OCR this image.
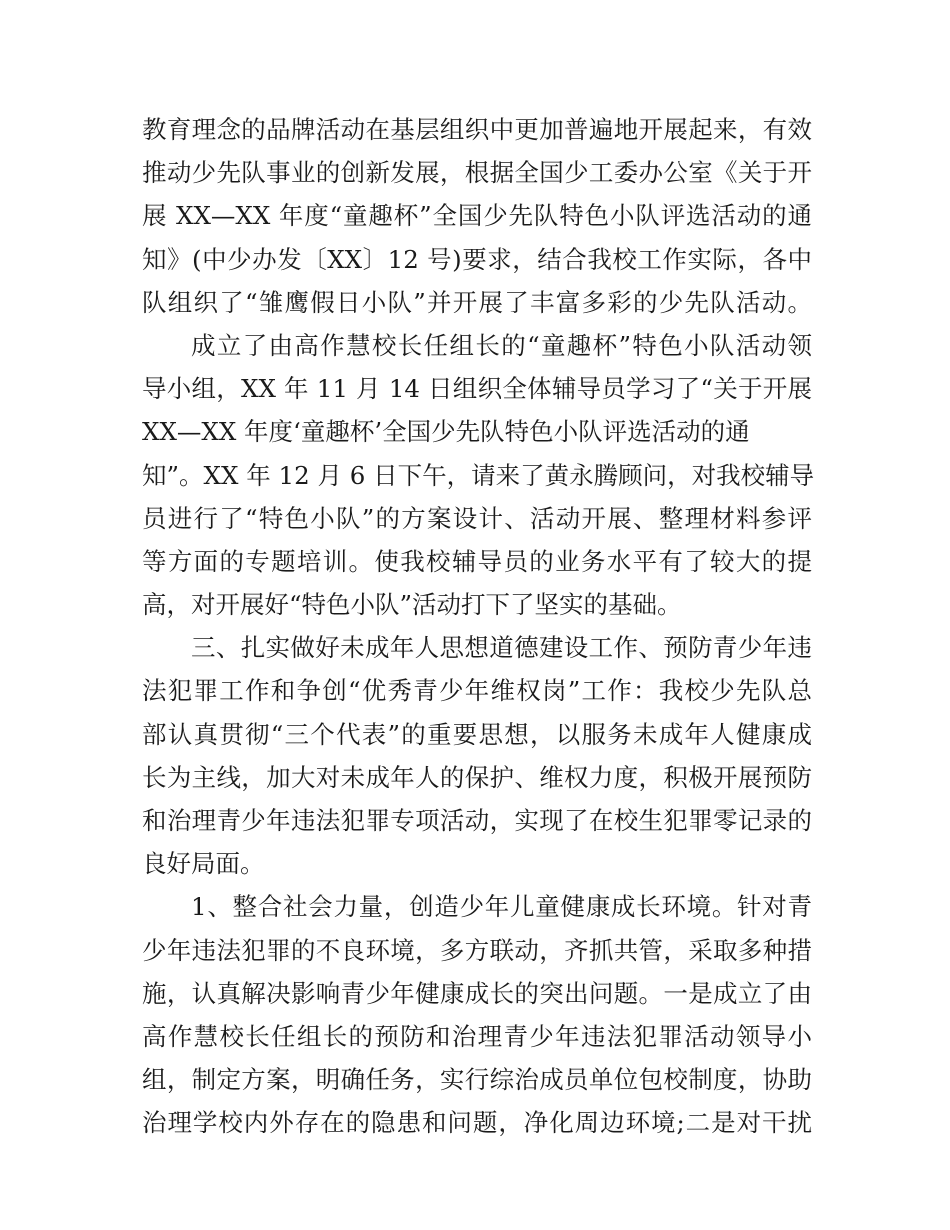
教育理念的品牌活动在基层组织中更加普遍地开展起来，有效
推动少先队事业的创新发展，根据全国少工委办公室《关于开
展 XX—XX 年度“童趣杯”全国少先队特色小队评选活动的通
知》(中少办发〔XX〕12 号)要求，结合我校工作实际，各中
队组织了“雏鹰假日小队”并开展了丰富多彩的少先队活动。
成立了由高作慧校长任组长的“童趣杯”特色小队活动领
导小组，XX 年 11 月 14 日组织全体辅导员学习了“关于开展
XX—XX 年度‘童趣杯’全国少先队特色小队评选活动的通
知”。XX 年 12 月 6 日下午，请来了黄永腾顾问，对我校辅导
员进行了“特色小队”的方案设计、活动开展、整理材料参评
等方面的专题培训。使我校辅导员的业务水平有了较大的提
高，对开展好“特色小队”活动打下了坚实的基础。
三、扎实做好未成年人思想道德建设工作、预防青少年违
法犯罪工作和争创“优秀青少年维权岗”工作：我校少先队总
部认真贯彻“三个代表”的重要思想，以服务未成年人健康成
长为主线，加大对未成年人的保护、维权力度，积极开展预防
和治理青少年违法犯罪专项活动，实现了在校生犯罪零记录的
良好局面。
1、整合社会力量，创造少年儿童健康成长环境。针对青
少年违法犯罪的不良环境，多方联动，齐抓共管，采取多种措
施，认真解决影响青少年健康成长的突出问题。一是成立了由
高作慧校长任组长的预防和治理青少年违法犯罪活动领导小
组，制定方案，明确任务，实行综治成员单位包校制度，协助
治理学校内外存在的隐患和问题，净化周边环境;二是对干扰
